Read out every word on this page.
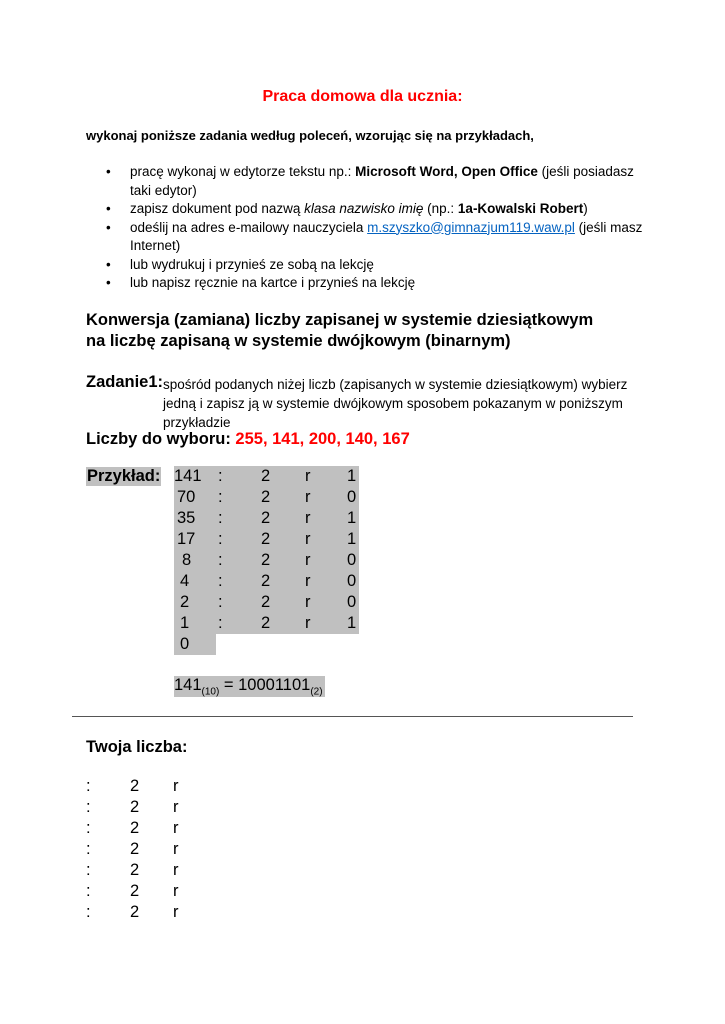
Praca domowa dla ucznia:
wykonaj poniższe zadania według poleceń, wzorując się na przykładach,
• pracę wykonaj w edytorze tekstu np.: Microsoft Word, Open Office (jeśli posiadasz taki edytor)
• zapisz dokument pod nazwą klasa nazwisko imię (np.: 1a-Kowalski Robert)
• odeślij na adres e-mailowy nauczyciela m.szyszko@gimnazjum119.waw.pl (jeśli masz Internet)
• lub wydrukuj i przynieś ze sobą na lekcję
• lub napisz ręcznie na kartce i przynieś na lekcję
Konwersja (zamiana) liczby zapisanej w systemie dziesiątkowym
na liczbę zapisaną w systemie dwójkowym (binarnym)
Zadanie1: spośród podanych niżej liczb (zapisanych w systemie dziesiątkowym) wybierz jedną i zapisz ją w systemie dwójkowym sposobem pokazanym w poniższym przykładzie
Liczby do wyboru: 255, 141, 200, 140, 167
Przykład: 141 : 2 r 1
70 : 2 r 0
35 : 2 r 1
17 : 2 r 1
8 : 2 r 0
4 : 2 r 0
2 : 2 r 0
1 : 2 r 1
0
$141_{(10)} = 10001101_{(2)}$
Twoja liczba:
: 2 r
: 2 r
: 2 r
: 2 r
: 2 r
: 2 r
: 2 r
